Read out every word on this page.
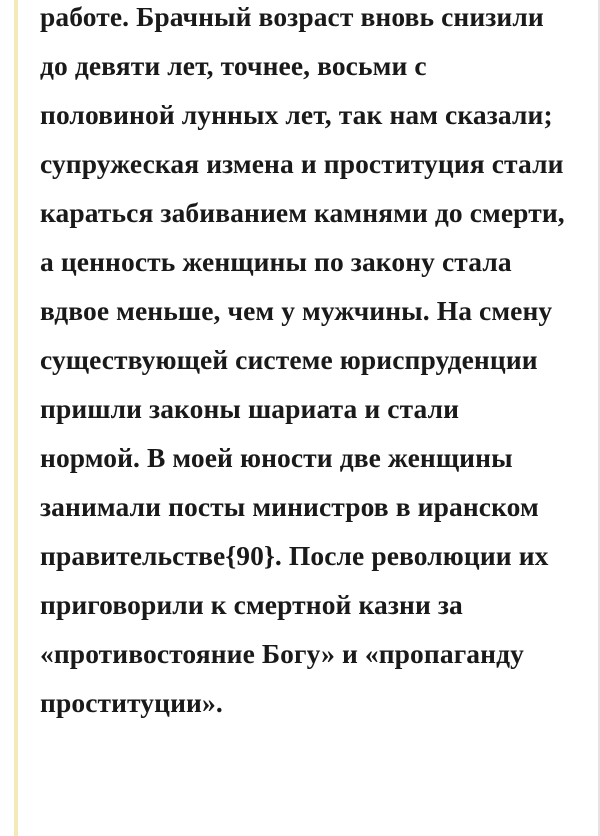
работе. Брачный возраст вновь снизили до девяти лет, точнее, восьми с половиной лунных лет, так нам сказали; супружеская измена и проституция стали караться забиванием камнями до смерти, а ценность женщины по закону стала вдвое меньше, чем у мужчины. На смену существующей системе юриспруденции пришли законы шариата и стали нормой. В моей юности две женщины занимали посты министров в иранском правительстве{90}. После революции их приговорили к смертной казни за «противостояние Богу» и «пропаганду проституции».
